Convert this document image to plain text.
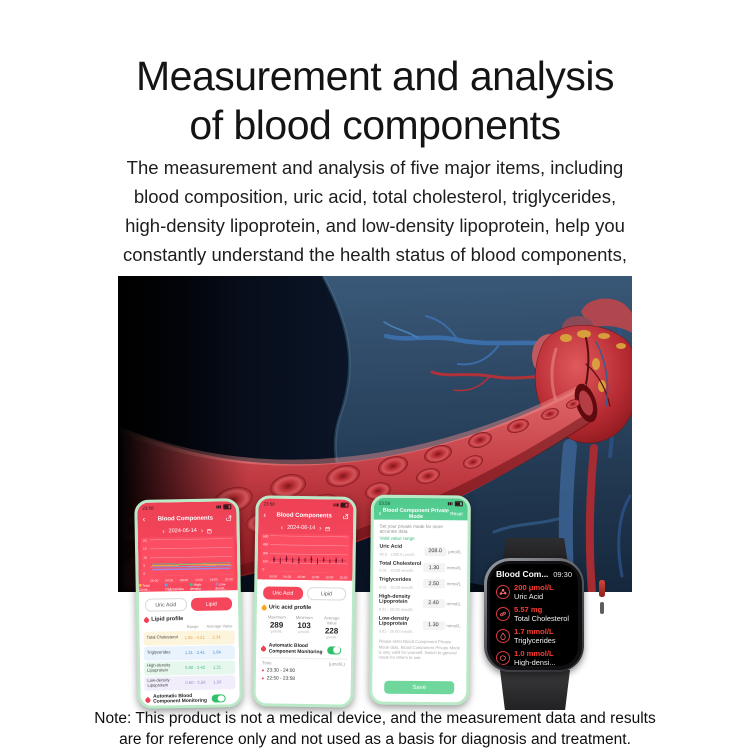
Measurement and analysis
of blood components
The measurement and analysis of five major items, including
blood composition, uric acid, total cholesterol, triglycerides,
high-density lipoprotein, and low-density lipoprotein, help you
constantly understand the health status of blood components,
23:58
‹	Blood Components
‹ 2024-06-14 ›
20
15
10
5
0
00:00 04:00 08:00 12:00 16:00 20:00
Total Chole...	Triglycerides
High-density
Low-densit...
Uric Acid	Lipid
Lipid profile
Range Average Value
Total Cholesterol	1.65 - 4.21	2.34
Triglycerides	1.21 - 2.41	1.64
High-density Lipoprotein	0.60 - 3.42	1.21
Low-density Lipoprotein	0.50 - 3.50	1.50
Automatic Blood Component Monitoring
23:58
‹	Blood Components
‹ 2024-06-14 ›
600
450
300
150
0
00:00 04:00 08:00 12:00 16:00 20:00
Uric Acid	Lipid
Uric acid profile
Maximum
289
μmol/L
Minimum
103
μmol/L
Average Value
228
μmol/L
Automatic Blood Component Monitoring
Time	(μmol/L)
23:30 - 24:00
22:50 - 23:58
23:58
‹ Blood Component Private Mode	Reset
Set your private mode for more accurate data.
Valid value range
Uric Acid
90.0 - 1000.0 μmol/L	208.0	μmol/L
Total Cholesterol
0.01 - 20.00 mmol/L	1.30	mmol/L
Triglycerides
0.01 - 20.00 mmol/L	2.50	mmol/L
High-density Lipoprotein
0.01 - 20.00 mmol/L
2.40	mmol/L
Low-density Lipoprotein
0.01 - 20.00 mmol/L
1.30	mmol/L
Please enter Blood Component Private Mode data. Blood Component Private Mode is only valid for yourself. Switch to general mode for others to use.
Save
Blood Com... 09:30
200 μmol/L
Uric Acid
5.57 mg
Total Cholesterol
1.7 mmol/L
Triglycerides
1.0 mmol/L
High-densi...
Note: This product is not a medical device, and the measurement data and results
are for reference only and not used as a basis for diagnosis and treatment.
